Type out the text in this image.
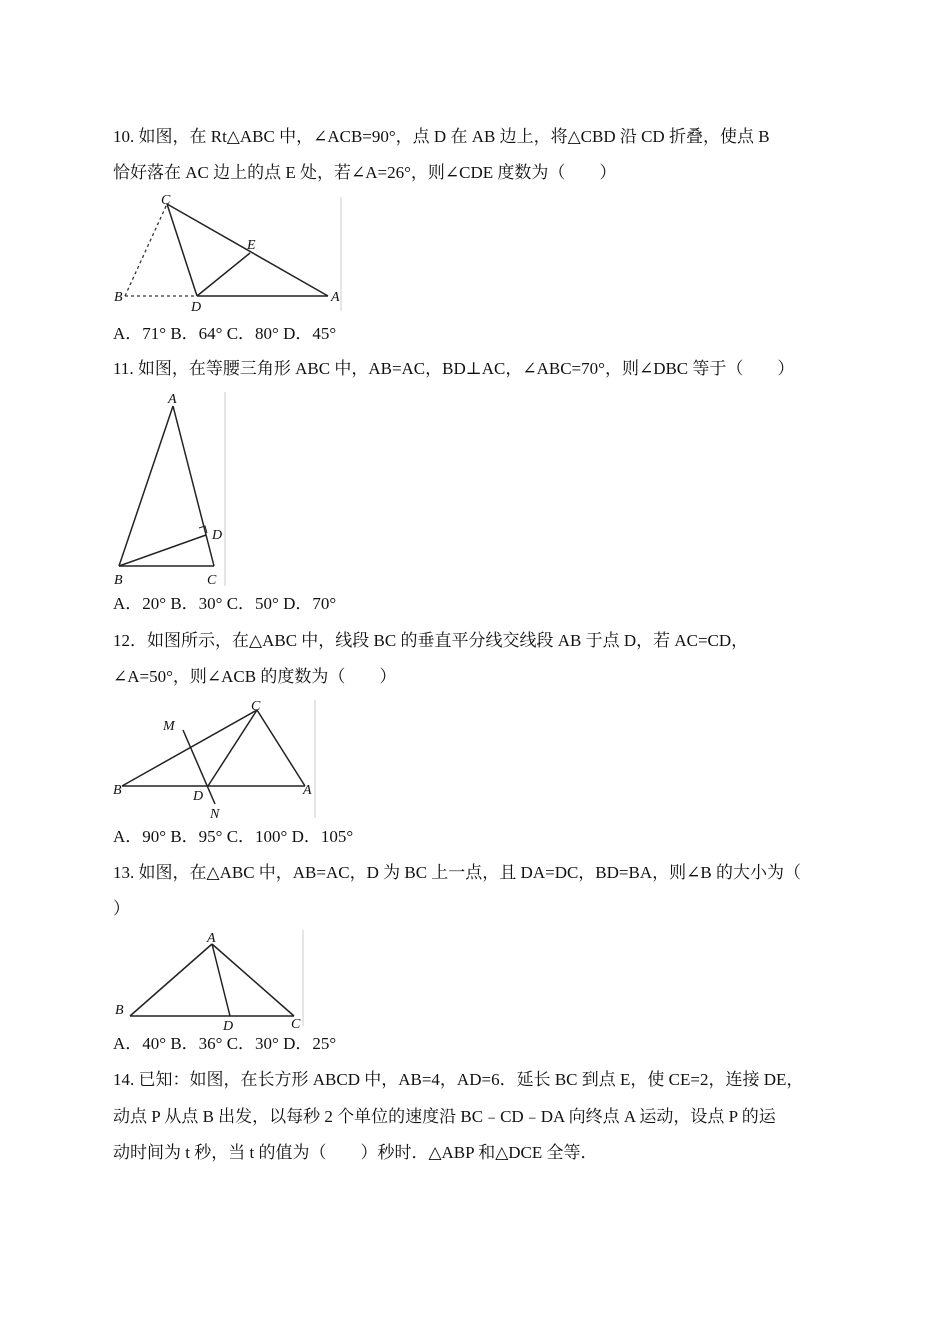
10. 如图，在 Rt△ABC 中，∠ACB=90°，点 D 在 AB 边上，将△CBD 沿 CD 折叠，使点 B
恰好落在 AC 边上的点 E 处，若∠A=26°，则∠CDE 度数为（　　）
C
E
B
D
A
A．71° B．64° C．80° D．45°
11. 如图，在等腰三角形 ABC 中，AB=AC，BD⊥AC，∠ABC=70°，则∠DBC 等于（　　）
A
D
B	C
A．20° B．30° C．50° D．70°
12．如图所示，在△ABC 中，线段 BC 的垂直平分线交线段 AB 于点 D，若 AC=CD，
∠A=50°，则∠ACB 的度数为（　　）
C
M
B	D
N
A
A．90° B．95° C．100° D．105°
13. 如图，在△ABC 中，AB=AC，D 为 BC 上一点，且 DA=DC，BD=BA，则∠B 的大小为（
）
A
B
D	C
A．40° B．36° C．30° D．25°
14. 已知：如图，在长方形 ABCD 中，AB=4，AD=6．延长 BC 到点 E，使 CE=2，连接 DE，
动点 P 从点 B 出发，以每秒 2 个单位的速度沿 BC﹣CD﹣DA 向终点 A 运动，设点 P 的运
动时间为 t 秒，当 t 的值为（　　）秒时．△ABP 和△DCE 全等．
